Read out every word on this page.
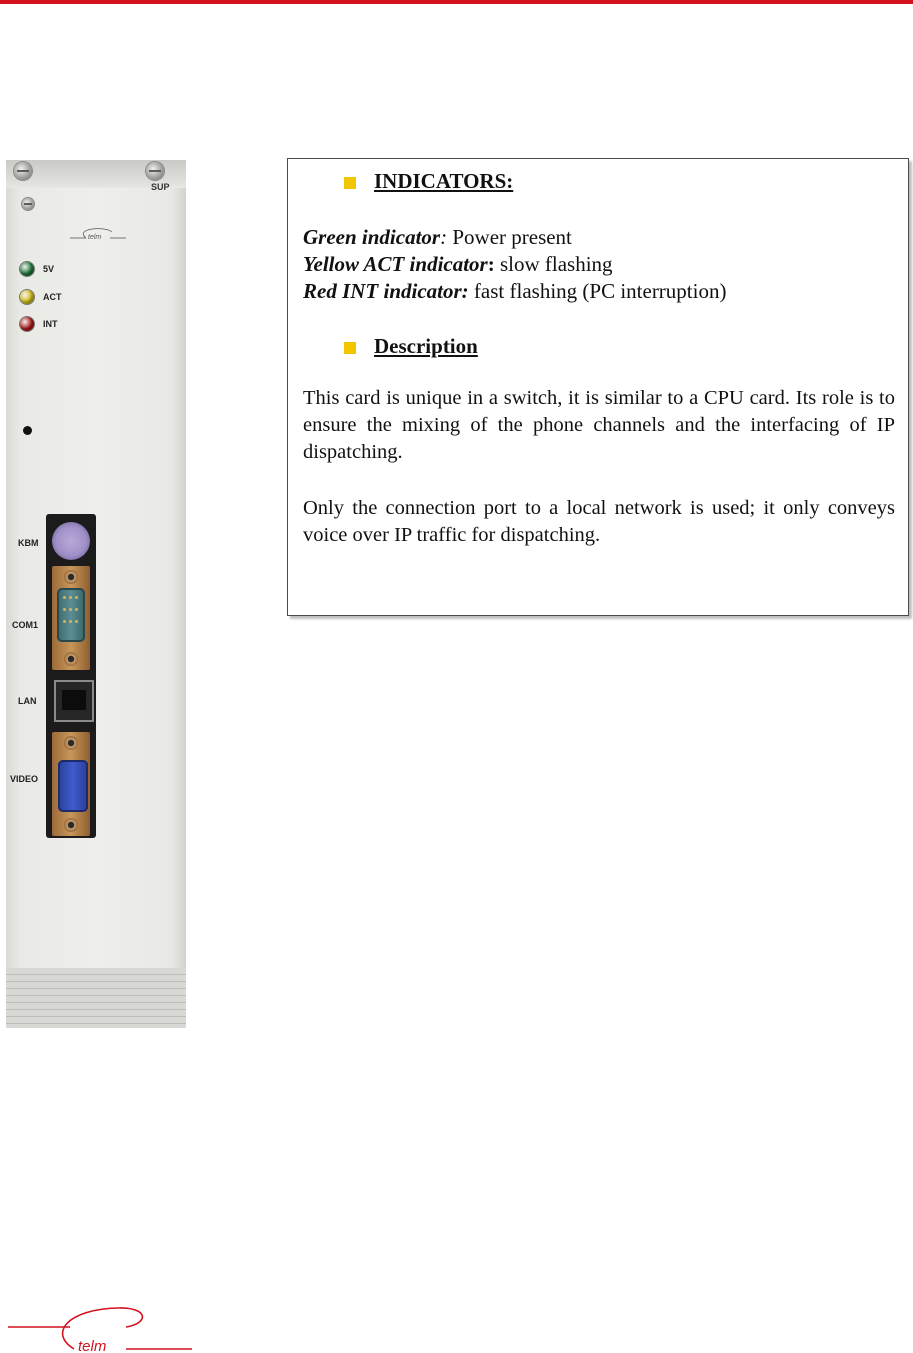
SUP
telm
5V
ACT
INT
KBM
COM1
LAN
VIDEO
INDICATORS:
Green indicator: Power present
Yellow ACT indicator: slow flashing
Red INT indicator: fast flashing (PC interruption)
Description
This card is unique in a switch, it is similar to a CPU card. Its role is to ensure the mixing of the phone channels and the interfacing of IP dispatching.
Only the connection port to a local network is used; it only conveys voice over IP traffic for dispatching.
telm
